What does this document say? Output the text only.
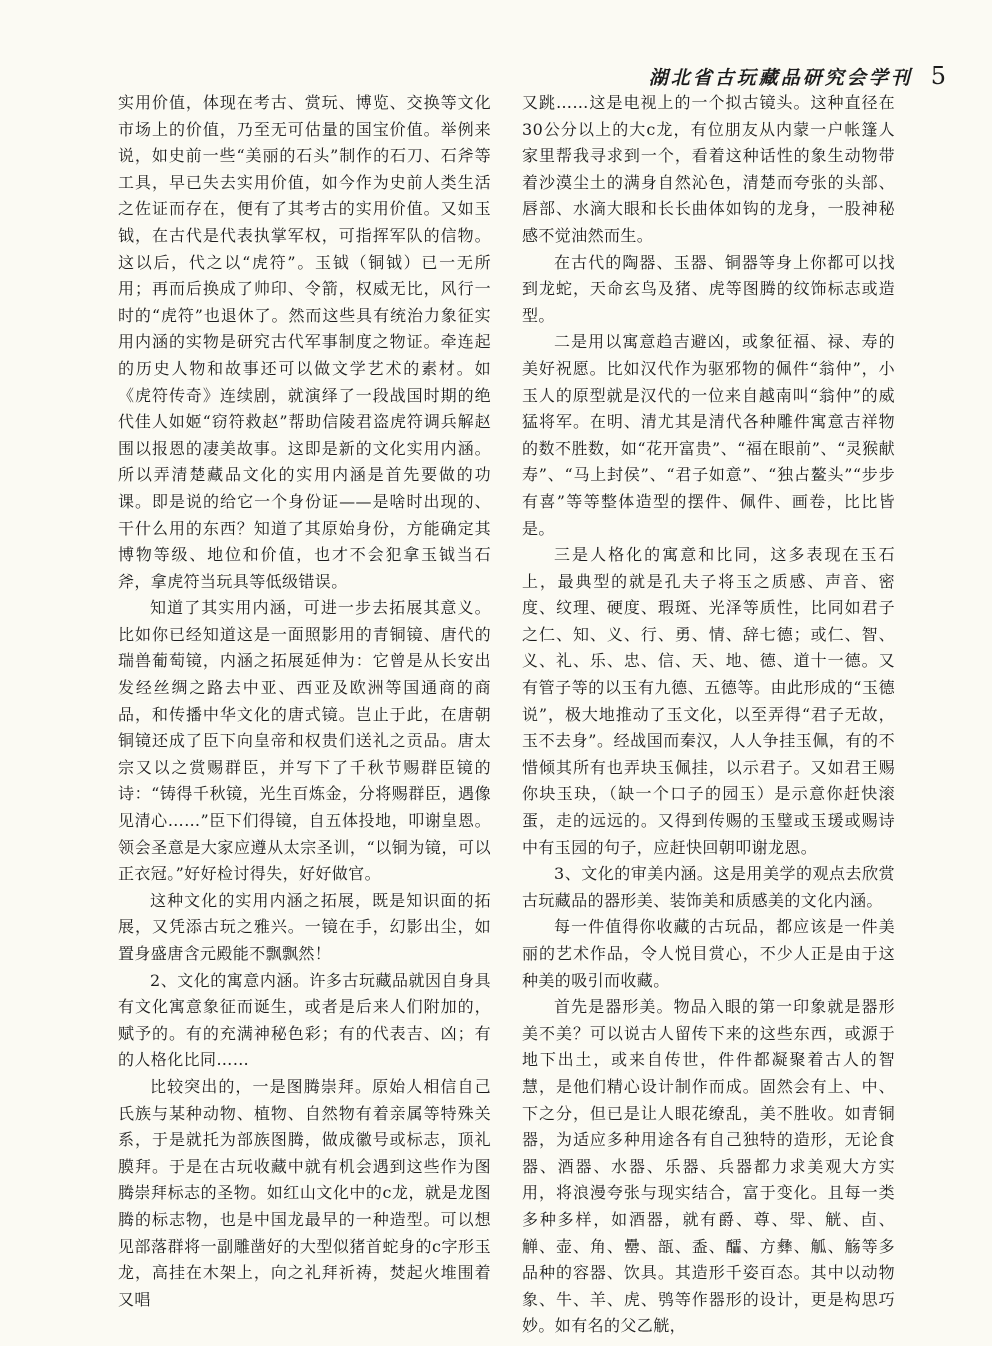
湖北省古玩藏品研究会学刊 5

实用价值，体现在考古、赏玩、博览、交换等文化市场上的价值，乃至无可估量的国宝价值。举例来说，如史前一些“美丽的石头”制作的石刀、石斧等工具，早已失去实用价值，如今作为史前人类生活之佐证而存在，便有了其考古的实用价值。又如玉钺，在古代是代表执掌军权，可指挥军队的信物。这以后，代之以“虎符”。玉钺（铜钺）已一无所用；再而后换成了帅印、令箭，权威无比，风行一时的“虎符”也退休了。然而这些具有统治力象征实用内涵的实物是研究古代军事制度之物证。牵连起的历史人物和故事还可以做文学艺术的素材。如《虎符传奇》连续剧，就演绎了一段战国时期的绝代佳人如姬“窃符救赵”帮助信陵君盗虎符调兵解赵围以报恩的凄美故事。这即是新的文化实用内涵。所以弄清楚藏品文化的实用内涵是首先要做的功课。即是说的给它一个身份证——是啥时出现的、干什么用的东西？知道了其原始身份，方能确定其博物等级、地位和价值，也才不会犯拿玉钺当石斧，拿虎符当玩具等低级错误。

知道了其实用内涵，可进一步去拓展其意义。比如你已经知道这是一面照影用的青铜镜、唐代的瑞兽葡萄镜，内涵之拓展延伸为：它曾是从长安出发经丝绸之路去中亚、西亚及欧洲等国通商的商品，和传播中华文化的唐式镜。岂止于此，在唐朝铜镜还成了臣下向皇帝和权贵们送礼之贡品。唐太宗又以之赏赐群臣，并写下了千秋节赐群臣镜的诗：“铸得千秋镜，光生百炼金，分将赐群臣，遇像见清心……”臣下们得镜，自五体投地，叩谢皇恩。领会圣意是大家应遵从太宗圣训，“以铜为镜，可以正衣冠。”好好检讨得失，好好做官。

这种文化的实用内涵之拓展，既是知识面的拓展，又凭添古玩之雅兴。一镜在手，幻影出尘，如置身盛唐含元殿能不飘飘然！

2、文化的寓意内涵。许多古玩藏品就因自身具有文化寓意象征而诞生，或者是后来人们附加的，赋予的。有的充满神秘色彩；有的代表吉、凶；有的人格化比同……

比较突出的，一是图腾崇拜。原始人相信自己氏族与某种动物、植物、自然物有着亲属等特殊关系，于是就托为部族图腾，做成徽号或标志，顶礼膜拜。于是在古玩收藏中就有机会遇到这些作为图腾崇拜标志的圣物。如红山文化中的c龙，就是龙图腾的标志物，也是中国龙最早的一种造型。可以想见部落群将一副雕凿好的大型似猪首蛇身的c字形玉龙，高挂在木架上，向之礼拜祈祷，焚起火堆围着又唱

又跳……这是电视上的一个拟古镜头。这种直径在30公分以上的大c龙，有位朋友从内蒙一户帐篷人家里帮我寻求到一个，看着这种话性的象生动物带着沙漠尘土的满身自然沁色，清楚而夸张的头部、唇部、水滴大眼和长长曲体如钩的龙身，一股神秘感不觉油然而生。

在古代的陶器、玉器、铜器等身上你都可以找到龙蛇，天命玄鸟及猪、虎等图腾的纹饰标志或造型。

二是用以寓意趋吉避凶，或象征福、禄、寿的美好祝愿。比如汉代作为驱邪物的佩件“翁仲”，小玉人的原型就是汉代的一位来自越南叫“翁仲”的威猛将军。在明、清尤其是清代各种雕件寓意吉祥物的数不胜数，如“花开富贵”、“福在眼前”、“灵猴献寿”、“马上封侯”、“君子如意”、“独占鳌头”“步步有喜”等等整体造型的摆件、佩件、画卷，比比皆是。

三是人格化的寓意和比同，这多表现在玉石上，最典型的就是孔夫子将玉之质感、声音、密度、纹理、硬度、瑕斑、光泽等质性，比同如君子之仁、知、义、行、勇、情、辞七德；或仁、智、义、礼、乐、忠、信、天、地、德、道十一德。又有管子等的以玉有九德、五德等。由此形成的“玉德说”，极大地推动了玉文化，以至弄得“君子无故，玉不去身”。经战国而秦汉，人人争挂玉佩，有的不惜倾其所有也弄块玉佩挂，以示君子。又如君王赐你块玉玦，（缺一个口子的园玉）是示意你赶快滚蛋，走的远远的。又得到传赐的玉璧或玉瑗或赐诗中有玉园的句子，应赶快回朝叩谢龙恩。

3、文化的审美内涵。这是用美学的观点去欣赏古玩藏品的器形美、装饰美和质感美的文化内涵。

每一件值得你收藏的古玩品，都应该是一件美丽的艺术作品，令人悦目赏心，不少人正是由于这种美的吸引而收藏。

首先是器形美。物品入眼的第一印象就是器形美不美？可以说古人留传下来的这些东西，或源于地下出土，或来自传世，件件都凝聚着古人的智慧，是他们精心设计制作而成。固然会有上、中、下之分，但已是让人眼花缭乱，美不胜收。如青铜器，为适应多种用途各有自己独特的造形，无论食器、酒器、水器、乐器、兵器都力求美观大方实用，将浪漫夸张与现实结合，富于变化。且每一类多种多样，如酒器，就有爵、尊、斝、觥、卣、觯、壶、角、罍、瓿、盉、醽、方彝、觚、觞等多品种的容器、饮具。其造形千姿百态。其中以动物象、牛、羊、虎、鸮等作器形的设计，更是构思巧妙。如有名的父乙觥，
